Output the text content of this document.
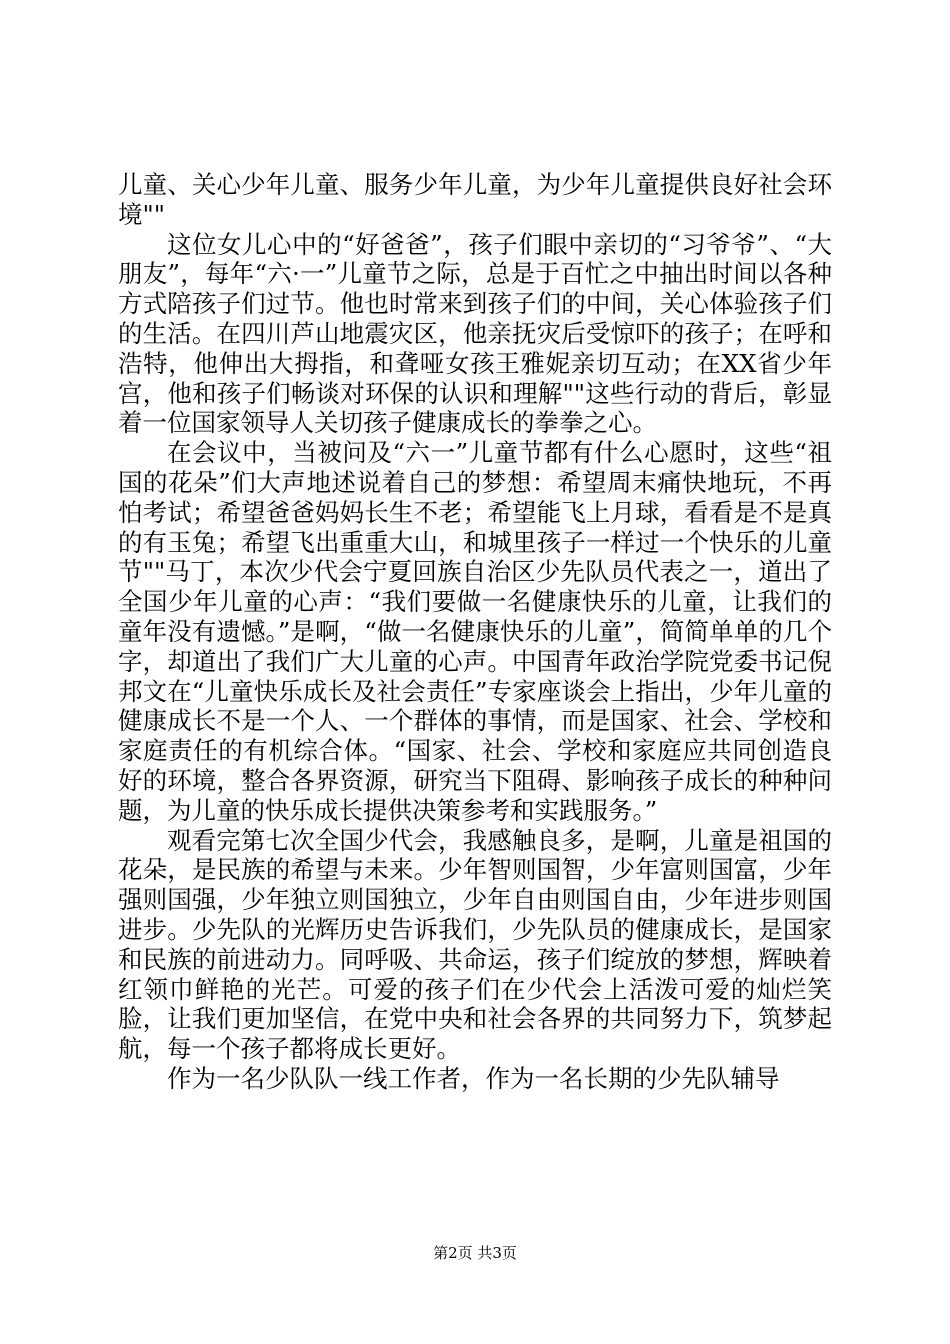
儿童、关心少年儿童、服务少年儿童，为少年儿童提供良好社会环境""

这位女儿心中的“好爸爸”，孩子们眼中亲切的“习爷爷”、“大朋友”，每年“六·一”儿童节之际，总是于百忙之中抽出时间以各种方式陪孩子们过节。他也时常来到孩子们的中间，关心体验孩子们的生活。在四川芦山地震灾区，他亲抚灾后受惊吓的孩子；在呼和浩特，他伸出大拇指，和聋哑女孩王雅妮亲切互动；在XX省少年宫，他和孩子们畅谈对环保的认识和理解""这些行动的背后，彰显着一位国家领导人关切孩子健康成长的拳拳之心。

在会议中，当被问及“六一”儿童节都有什么心愿时，这些“祖国的花朵”们大声地述说着自己的梦想：希望周末痛快地玩，不再怕考试；希望爸爸妈妈长生不老；希望能飞上月球，看看是不是真的有玉兔；希望飞出重重大山，和城里孩子一样过一个快乐的儿童节""马丁，本次少代会宁夏回族自治区少先队员代表之一，道出了全国少年儿童的心声：“我们要做一名健康快乐的儿童，让我们的童年没有遗憾。”是啊，“做一名健康快乐的儿童”，简简单单的几个字，却道出了我们广大儿童的心声。中国青年政治学院党委书记倪邦文在“儿童快乐成长及社会责任”专家座谈会上指出，少年儿童的健康成长不是一个人、一个群体的事情，而是国家、社会、学校和家庭责任的有机综合体。“国家、社会、学校和家庭应共同创造良好的环境，整合各界资源，研究当下阻碍、影响孩子成长的种种问题，为儿童的快乐成长提供决策参考和实践服务。”

观看完第七次全国少代会，我感触良多，是啊，儿童是祖国的花朵，是民族的希望与未来。少年智则国智，少年富则国富，少年强则国强，少年独立则国独立，少年自由则国自由，少年进步则国进步。少先队的光辉历史告诉我们，少先队员的健康成长，是国家和民族的前进动力。同呼吸、共命运，孩子们绽放的梦想，辉映着红领巾鲜艳的光芒。可爱的孩子们在少代会上活泼可爱的灿烂笑脸，让我们更加坚信，在党中央和社会各界的共同努力下，筑梦起航，每一个孩子都将成长更好。

作为一名少队队一线工作者，作为一名长期的少先队辅导

第2页 共3页
